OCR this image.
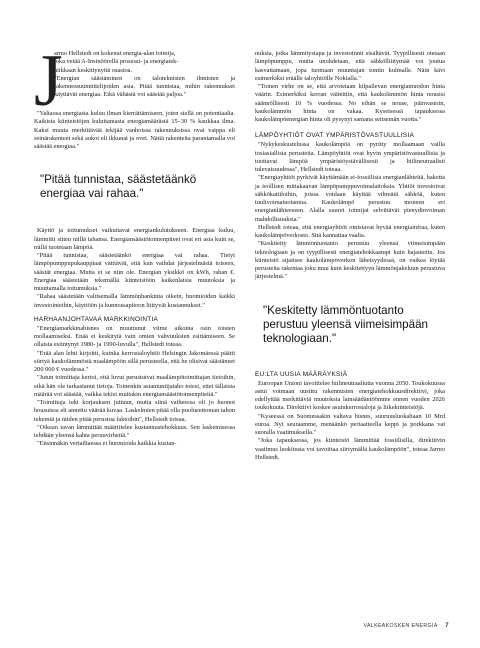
J

armo Hellstedt on kokenut energia-alan toimija,

joka vetää A-Insinöörellä prosessi- ja energiatek-

niikkaan keskittynyttä osastoa.

"Energian säästäminen on taloteknisten ihmisten ja rakennessuunnittelijoiden asia. Pitää tunnistaa, mihin rakennukset käyttävät energiaa. Eikä vähästä voi säästää paljoa."

"Valtaosa energiasta kuluu ilman kierrättämiseen, joten siellä on potentiaalia. Kaikista kiinteistöjen kuluttamasta energiamäärästä 15–30 % kaukkaa ilma. Kaksi muuta merkittävää tekijää vanhoissa rakennuksissa ovat vaippa eli seinärakenteet sekä aukot eli ikkunat ja ovet. Näitä rakenteita parantamalla voi säästää energiaa."

"Pitää tunnistaa, säästetäänkö energiaa vai rahaa."

Käyttö ja tottumukset vaikuttavat energiankulutukseen. Energiaa kuluu, lämmitti sitten millä tahansa. Energiansäästötoimenpiteet ovat eri asia kuin se, millä tuotetaan lämpöä.

"Pitää tunnistaa, säästetäänkö energiaa vai rahaa. Tietyt lämpöpumppupukauppiaat väittävät, että kun vaihdat järjestelmästä toiseen, säästät energiaa. Mutta ei se niin ole. Energian yksikkö on kWh, rahan €. Energiaa säästetään tekemällä kiinteistöön kaikenlaisia muutoksia ja muuttamalla tottumuksia."

"Rahaa säästetään valitsemalla lämmönhankinta oikein, huomioiden kaikki investointeihin, käyttöön ja kunnossapitoon liittyvät kustannukset."

HARHAANJOHTAVAA MARKKINOINTIA

"Energiamarkkinabisnes on muuttunut viime aikoina osin toisten mollaamiseksi. Enää ei keskitytä vain omien vahvuuksien esittämiseen. Se ollaista esiintynyt 1980- ja 1990-luvulla", Hellstedt toteaa.

"Erää alan lehti kirjoitti, kuinka kerrostaloyhtiö Helsingin Jakomäessä päätti siirtyä kaukolämmöstä maalämpöön sillä perusteella, että he olisivat säästäneet 200 000 € vuodessa."

"Jutun toimittaja kertoi, että luvut perustuivat maalämpötoimittajan tietoihin, eikä hän ole tarkastanut tietoja. Toinenkin asiantuntijataho totesi, ettei tällaista määrää voi säästää, vaikka tekisi muitakin energiansäästötoimenpiteitä."

"Toimittaja teki korjauksen juttuun, mutta siinä vaiheessa oli jo huonot housuissa eli annettu väärää kuvaa. Laskelmien pitää olla puolueettoman tahon tekemiä ja niiden pitää perustua faktoihin", Hellstedt toteaa.

"Oikean tavan lämmittää määrittelee kustannustehokkuus. Sen laskemisessa tehdään yleensä kahta peruuvirhettä."

"Ensinnäkin vertailtaessa ei huomioida kaikkia kustan-

nuksia, jotka lämmitystapa ja investoinnit sisältävät. Tyypillisesti otetaan lämpöpumppu, mutta unohdetaan, että sähkölliittymää voi joutua kasvattamaan, jopa tuomaan muuntajan tontin kulmalle. Näin kävi esimerkiksi eräälle taloyhtiölle Nokialla."

"Toinen virhe on se, että arvotetaan kilpailevan energiamuodon hinta väärin. Esimerkiksi kerran väitettiin, että kaukolämmön hinta nousisi säännöllisesti 10 % vuodessa. No eihän se nouse, päinvastoin, kaukolämmön hinta on vakaa. Kyseisessä tapauksessa kaukolämpöenergian hinta oli pysynyt samana seitsemän vuotta."

LÄMPÖYHTIÖT OVAT YMPÄRISTÖVASTUULLISIA

"Nykykeskustelussa kaukolämpöä on pyritty mollaamaan vailla tosiasiallisia perusteita. Lämpöyhtiöt ovat hyvin ympäristövastuullisia ja tuottavat lämpöä ympäristöystävällisesti ja hiilineutraalisti tulevaisuudessa", Hellstedt toteaa.

"Energiayhtiöt pyrkivät käyttämään ei-fossiilisia energianlähteitä, haketta ja teollisen mittakaavan lämpöpumppuvoimalaitoksia. Yhtiöt investoivat sähkökattiloihin, joissa voidaan käyttää vihreätä sähköä, kuten tuulivoimatuotantoa. Kaukolämpö perustuu moneen eri energianlähteeseen. Alalla suuret toimijat selvittävät pienydinvoiman mahdollisuuksia."

Hellstedt toteaa, että energiayhtiöt omistavat hyvää energiainfraa, kuten kaukolämpöverkosto. Sitä kannattaa vaalia.

"Keskitetty lämmöntuotanto perustuu yleensä viimeisimpään teknologiaan ja on tyypillisesti energiatehokkaampi kuin hajautettu. Jos kiinteistö sijaitsee kaukolämpöverkon läheisyydessä, on vaikea löytää perusteita rakentaa joku muu kuin keskitettyyn lämmönjakeluun perustuva järjestelmä."

"Keskitetty lämmöntuotanto perustuu yleensä viimeisimpään teknologiaan."

EU:LTA UUSIA MÄÄRÄYKSIÄ

Euroopan Unioni tavoittelee hiilineutraaliutta vuonna 2050. Toukokuussa astui voimaan uusittu rakennusten energiatehokkuusdirektiivi, joka edellyttää merkittäviä muutoksia lainsäädäntöömme ennen vuoden 2026 toukokuuta. Direktiivi koskee asuinkerrostaloja ja liikekiinteistöjä.

"Kyseessä on Suomessakin valtava bisnes, suuruusluokaltaan 10 Mrd euroa. Nyt seuraamme, menäänkö periaatteella keppi ja porkkana vai suoralla vaatimuksella."

"Joka tapauksessa, jos kiinteistö lämmittää fossiilisilla, direktiivin vaatimus luokitusta voi tavoittaa siirtymällä kaukolämpöön", toteaa Jarmo Hellstedt.

VALKEAKOSKEN ENERGIA 7
